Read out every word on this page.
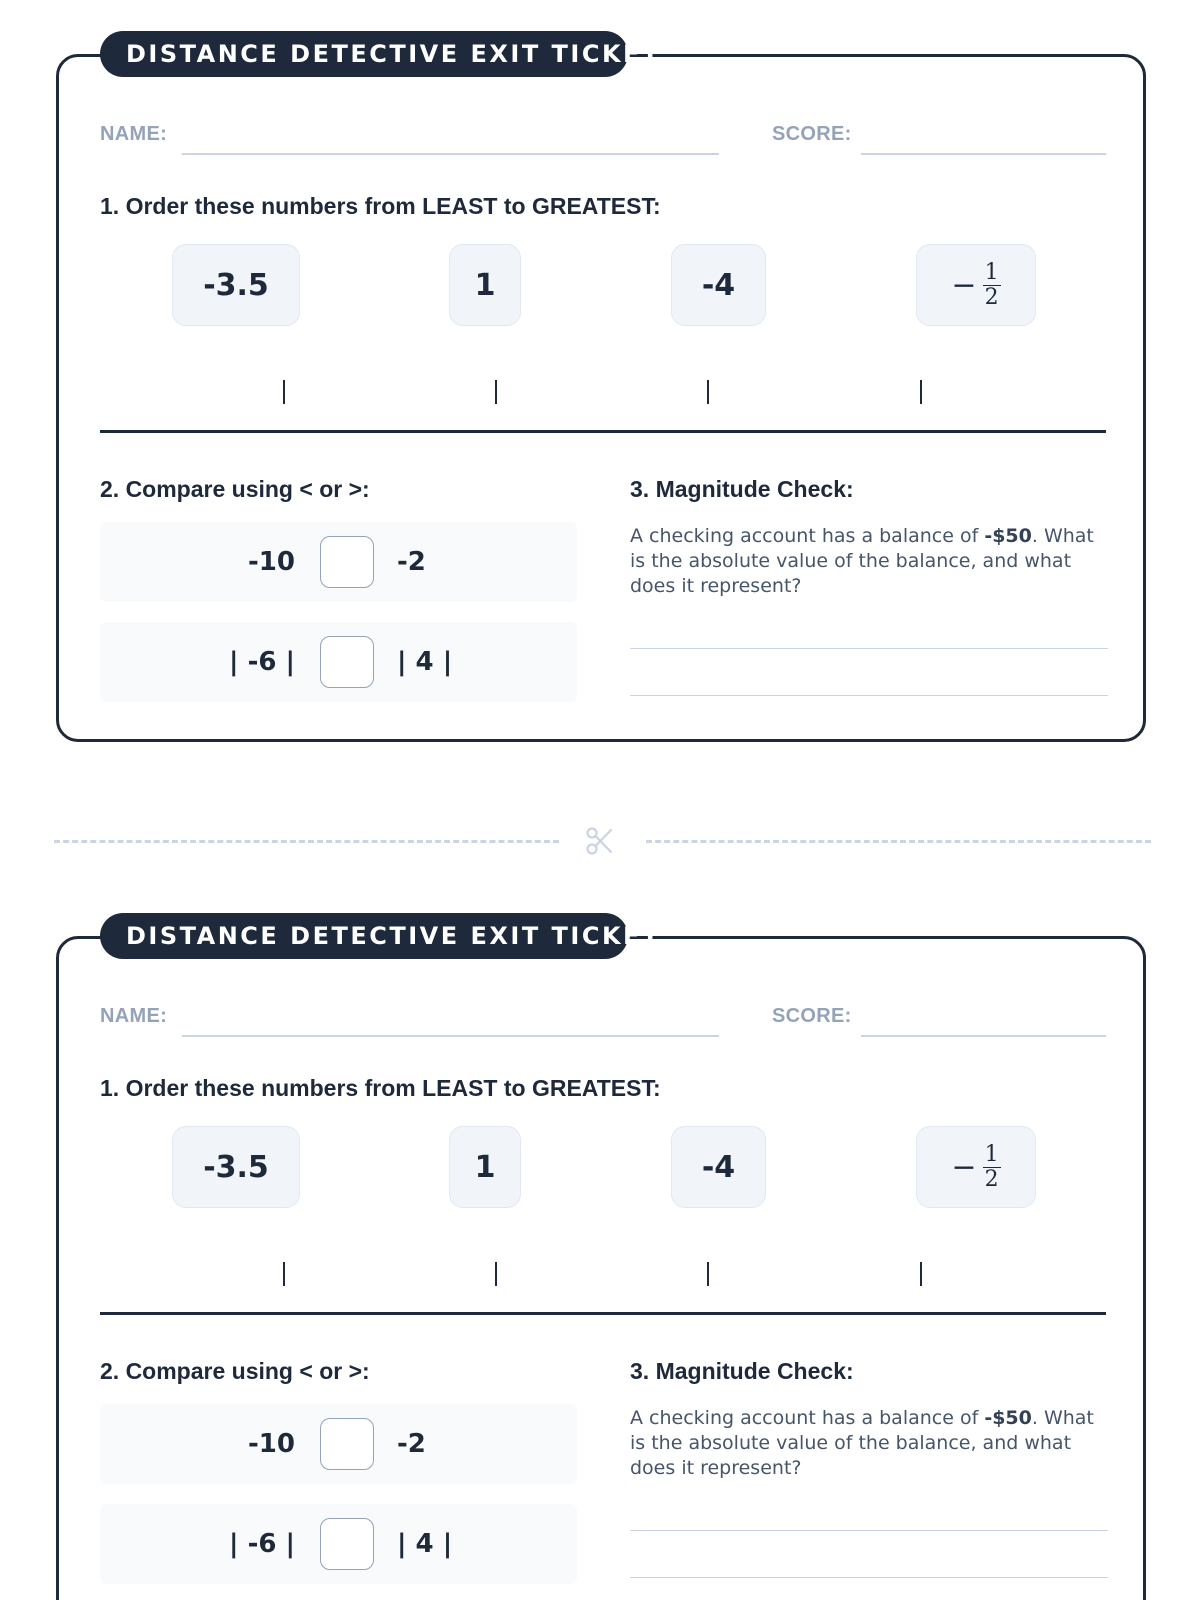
DISTANCE DETECTIVE EXIT TICKET
NAME:	SCORE:
1. Order these numbers from LEAST to GREATEST:
-3.5	1	-4	− $\frac{1}{2}$
2. Compare using < or >:
-10	-2
| -6 |	| 4 |
3. Magnitude Check:
A checking account has a balance of -$50. What is the absolute value of the balance, and what does it represent?
DISTANCE DETECTIVE EXIT TICKET
NAME:	SCORE:
1. Order these numbers from LEAST to GREATEST:
-3.5	1	-4	− $\frac{1}{2}$
2. Compare using < or >:
-10	-2
| -6 |	| 4 |
3. Magnitude Check:
A checking account has a balance of -$50. What is the absolute value of the balance, and what does it represent?
